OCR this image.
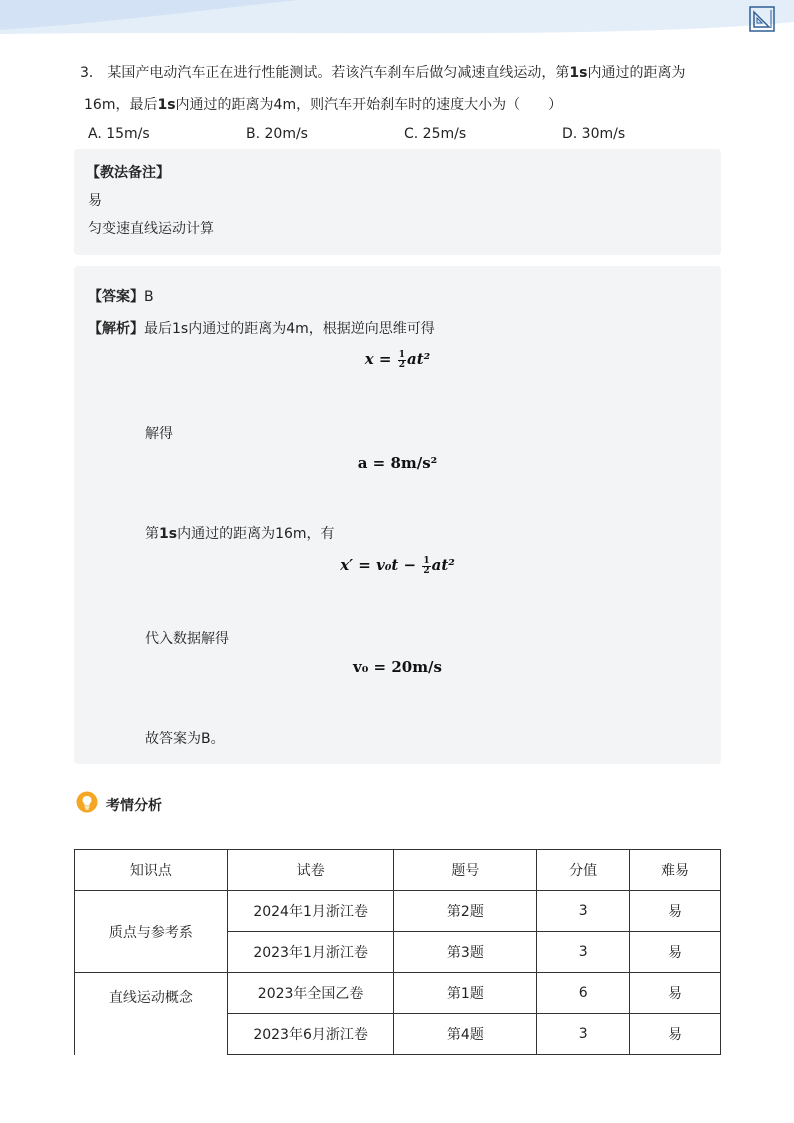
3． 某国产电动汽车正在进行性能测试。若该汽车刹车后做匀减速直线运动，第1s内通过的距离为
16m，最后1s内通过的距离为4m，则汽车开始刹车时的速度大小为（　　）
A. 15m/s	B. 20m/s	C. 25m/s	D. 30m/s
【教法备注】
易
匀变速直线运动计算
【答案】B
【解析】最后1s内通过的距离为4m，根据逆向思维可得
$x = \frac{1}{2} at^2$
解得
a = 8m/s²
第1s内通过的距离为16m，有
$x' = v_0t - \frac{1}{2} at^2$
代入数据解得
v₀ = 20m/s
故答案为B。
考情分析
知识点	试卷	题号	分值	难易
质点与参考系	2024年1月浙江卷	第2题	3	易
	2023年1月浙江卷	第3题	3	易
直线运动概念	2023年全国乙卷	第1题	6	易
	2023年6月浙江卷	第4题	3	易
